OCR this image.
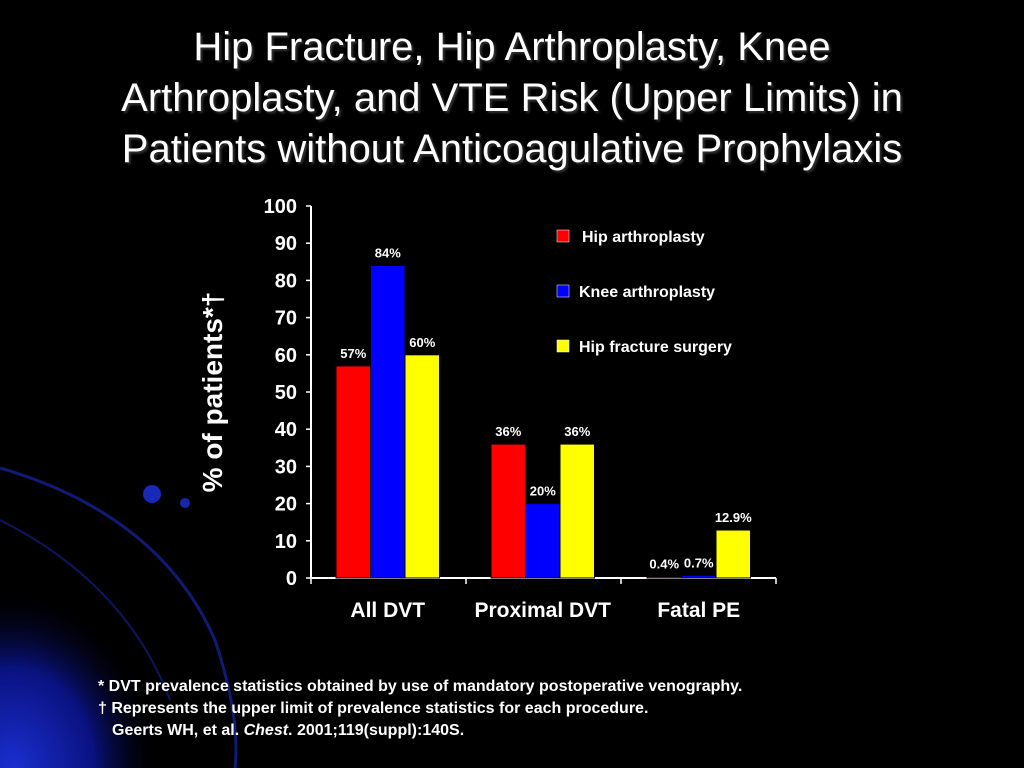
Hip Fracture, Hip Arthroplasty, Knee
Arthroplasty, and VTE Risk (Upper Limits) in
Patients without Anticoagulative Prophylaxis
% of patients*†
0
10
20
30
40
50
60
70
80
90
100
57%
84%
60%
All DVT
36%
20%
36%
Proximal DVT
0.4% 0.7%
12.9%
Fatal PE
Hip arthroplasty
Knee arthroplasty
Hip fracture surgery
* DVT prevalence statistics obtained by use of mandatory postoperative venography.
† Represents the upper limit of prevalence statistics for each procedure.
Geerts WH, et al. Chest. 2001;119(suppl):140S.
